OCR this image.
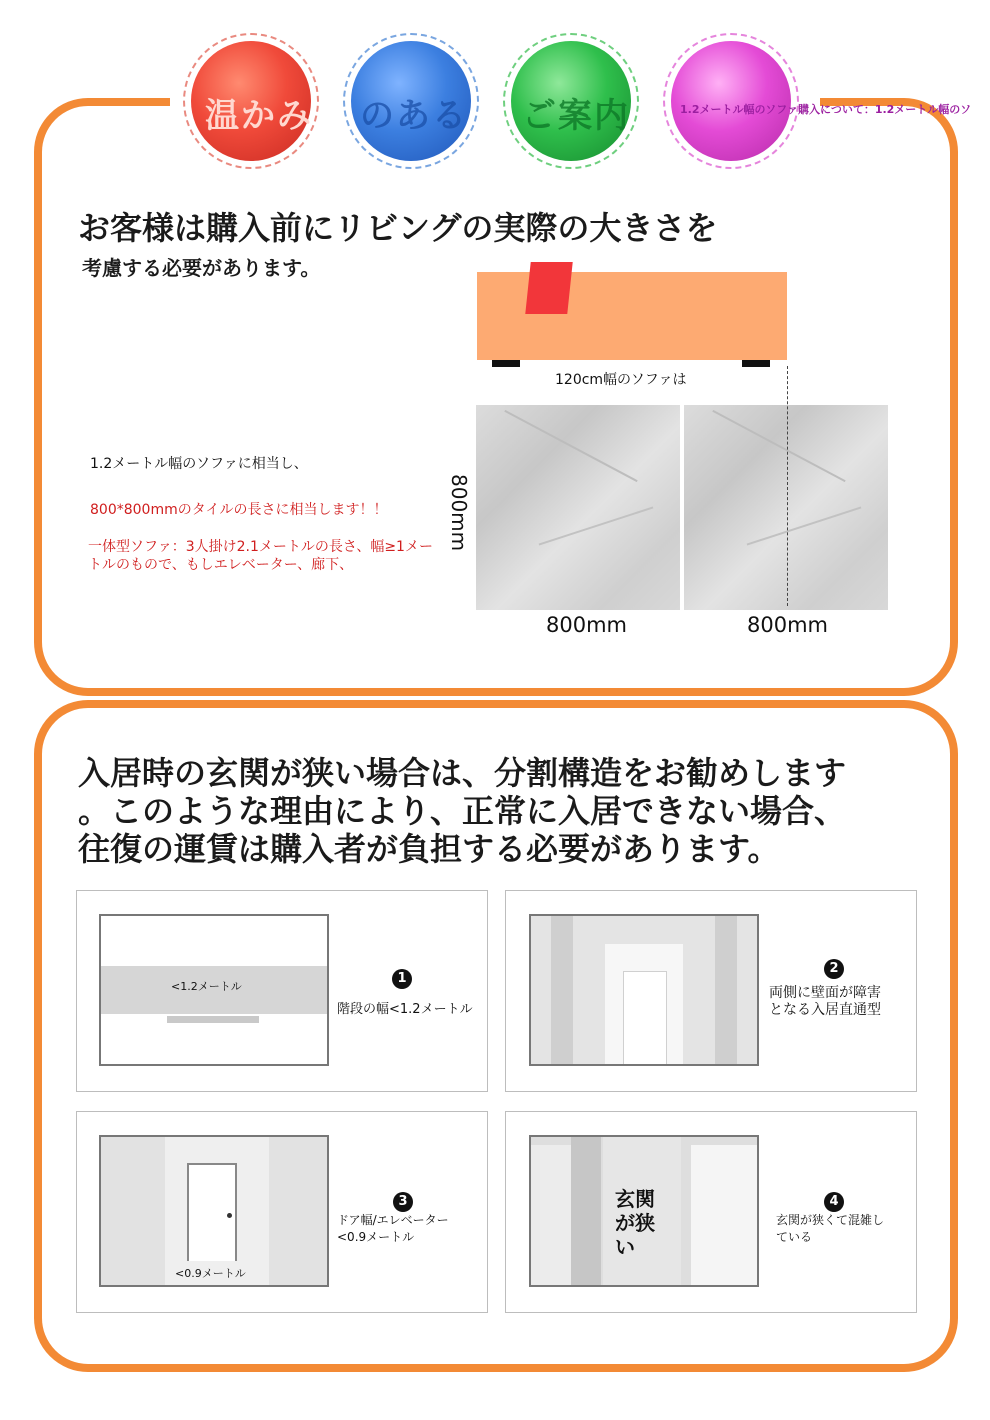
温かみ のある ご案内	1.2メートル幅のソファ購入について：1.2メートル幅のソ
お客様は購入前にリビングの実際の大きさを
考慮する必要があります。
120cm幅のソファは
800mm
800mm	800mm
1.2メートル幅のソファに相当し、
800*800mmのタイルの長さに相当します！！
一体型ソファ：3人掛け2.1メートルの長さ、幅≥1メートルのもので、もしエレベーター、廊下、
入居時の玄関が狭い場合は、分割構造をお勧めします
。このような理由により、正常に入居できない場合、
往復の運賃は購入者が負担する必要があります。
<1.2メートル
1
階段の幅<1.2メートル
2
両側に壁面が障害となる入居直通型
<0.9メートル
3
ドア幅/エレベーター<0.9メートル
玄関が狭い
4
玄関が狭くて混雑している
